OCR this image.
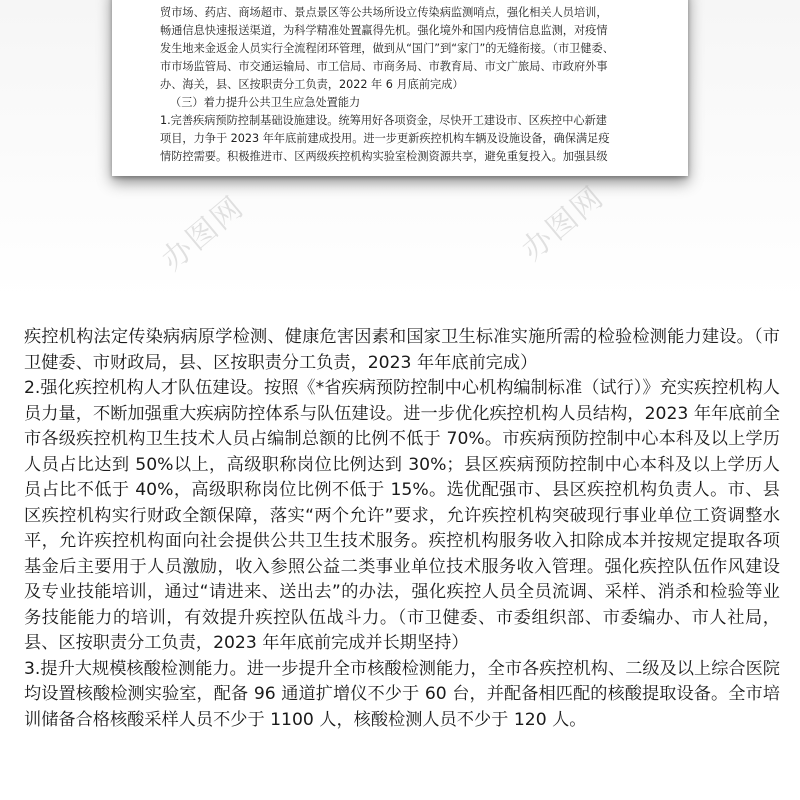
贸市场、药店、商场超市、景点景区等公共场所设立传染病监测哨点，强化相关人员培训，

畅通信息快速报送渠道，为科学精准处置赢得先机。强化境外和国内疫情信息监测，对疫情

发生地来金返金人员实行全流程闭环管理，做到从“国门”到“家门”的无缝衔接。（市卫健委、

市市场监管局、市交通运输局、市工信局、市商务局、市教育局、市文广旅局、市政府外事

办、海关，县、区按职责分工负责，2022 年 6 月底前完成）

（三）着力提升公共卫生应急处置能力

1.完善疾病预防控制基础设施建设。统筹用好各项资金，尽快开工建设市、区疾控中心新建

项目，力争于 2023 年年底前建成投用。进一步更新疾控机构车辆及设施设备，确保满足疫

情防控需要。积极推进市、区两级疾控机构实验室检测资源共享，避免重复投入。加强县级

办图网	办图网

疾控机构法定传染病病原学检测、健康危害因素和国家卫生标准实施所需的检验检测能力建设。（市卫健委、市财政局，县、区按职责分工负责，2023 年年底前完成）

2.强化疾控机构人才队伍建设。按照《*省疾病预防控制中心机构编制标准（试行）》充实疾控机构人员力量，不断加强重大疾病防控体系与队伍建设。进一步优化疾控机构人员结构，2023 年年底前全市各级疾控机构卫生技术人员占编制总额的比例不低于 70%。市疾病预防控制中心本科及以上学历人员占比达到 50%以上，高级职称岗位比例达到 30%；县区疾病预防控制中心本科及以上学历人员占比不低于 40%，高级职称岗位比例不低于 15%。选优配强市、县区疾控机构负责人。市、县区疾控机构实行财政全额保障，落实“两个允许”要求，允许疾控机构突破现行事业单位工资调整水平，允许疾控机构面向社会提供公共卫生技术服务。疾控机构服务收入扣除成本并按规定提取各项基金后主要用于人员激励，收入参照公益二类事业单位技术服务收入管理。强化疾控队伍作风建设及专业技能培训，通过“请进来、送出去”的办法，强化疾控人员全员流调、采样、消杀和检验等业务技能能力的培训，有效提升疾控队伍战斗力。（市卫健委、市委组织部、市委编办、市人社局，县、区按职责分工负责，2023 年年底前完成并长期坚持）

3.提升大规模核酸检测能力。进一步提升全市核酸检测能力，全市各疾控机构、二级及以上综合医院均设置核酸检测实验室，配备 96 通道扩增仪不少于 60 台，并配备相匹配的核酸提取设备。全市培训储备合格核酸采样人员不少于 1100 人，核酸检测人员不少于 120 人。
